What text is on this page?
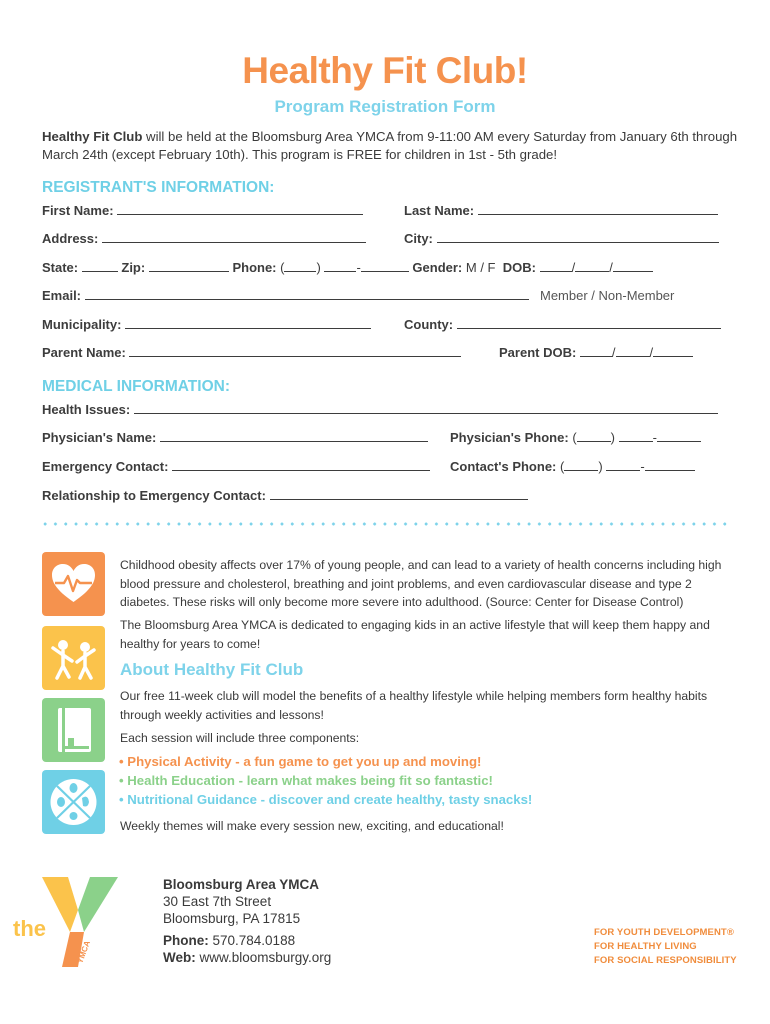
Healthy Fit Club!
Program Registration Form
Healthy Fit Club will be held at the Bloomsburg Area YMCA from 9-11:00 AM every Saturday from January 6th through March 24th (except February 10th). This program is FREE for children in 1st - 5th grade!
REGISTRANT'S INFORMATION:
First Name:	Last Name:
Address:	City:
State:	Zip:	Phone: ( )	-	Gender: M / F DOB:	/	/
Email:	Member / Non-Member
Municipality:	County:
Parent Name:	Parent DOB:	/	/
MEDICAL INFORMATION:
Health Issues:
Physician's Name:	Physician's Phone: (	)	-
Emergency Contact:	Contact's Phone: (	)	-
Relationship to Emergency Contact:
Childhood obesity affects over 17% of young people, and can lead to a variety of health concerns including high blood pressure and cholesterol, breathing and joint problems, and even cardiovascular disease and type 2 diabetes. These risks will only become more severe into adulthood. (Source: Center for Disease Control)
The Bloomsburg Area YMCA is dedicated to engaging kids in an active lifestyle that will keep them happy and healthy for years to come!
About Healthy Fit Club
Our free 11-week club will model the benefits of a healthy lifestyle while helping members form healthy habits through weekly activities and lessons!
Each session will include three components:
• Physical Activity - a fun game to get you up and moving!
• Health Education - learn what makes being fit so fantastic!
• Nutritional Guidance - discover and create healthy, tasty snacks!
Weekly themes will make every session new, exciting, and educational!
the
YMCA
Bloomsburg Area YMCA
30 East 7th Street
Bloomsburg, PA 17815
Phone: 570.784.0188
Web: www.bloomsburgy.org
FOR YOUTH DEVELOPMENT®
FOR HEALTHY LIVING
FOR SOCIAL RESPONSIBILITY
